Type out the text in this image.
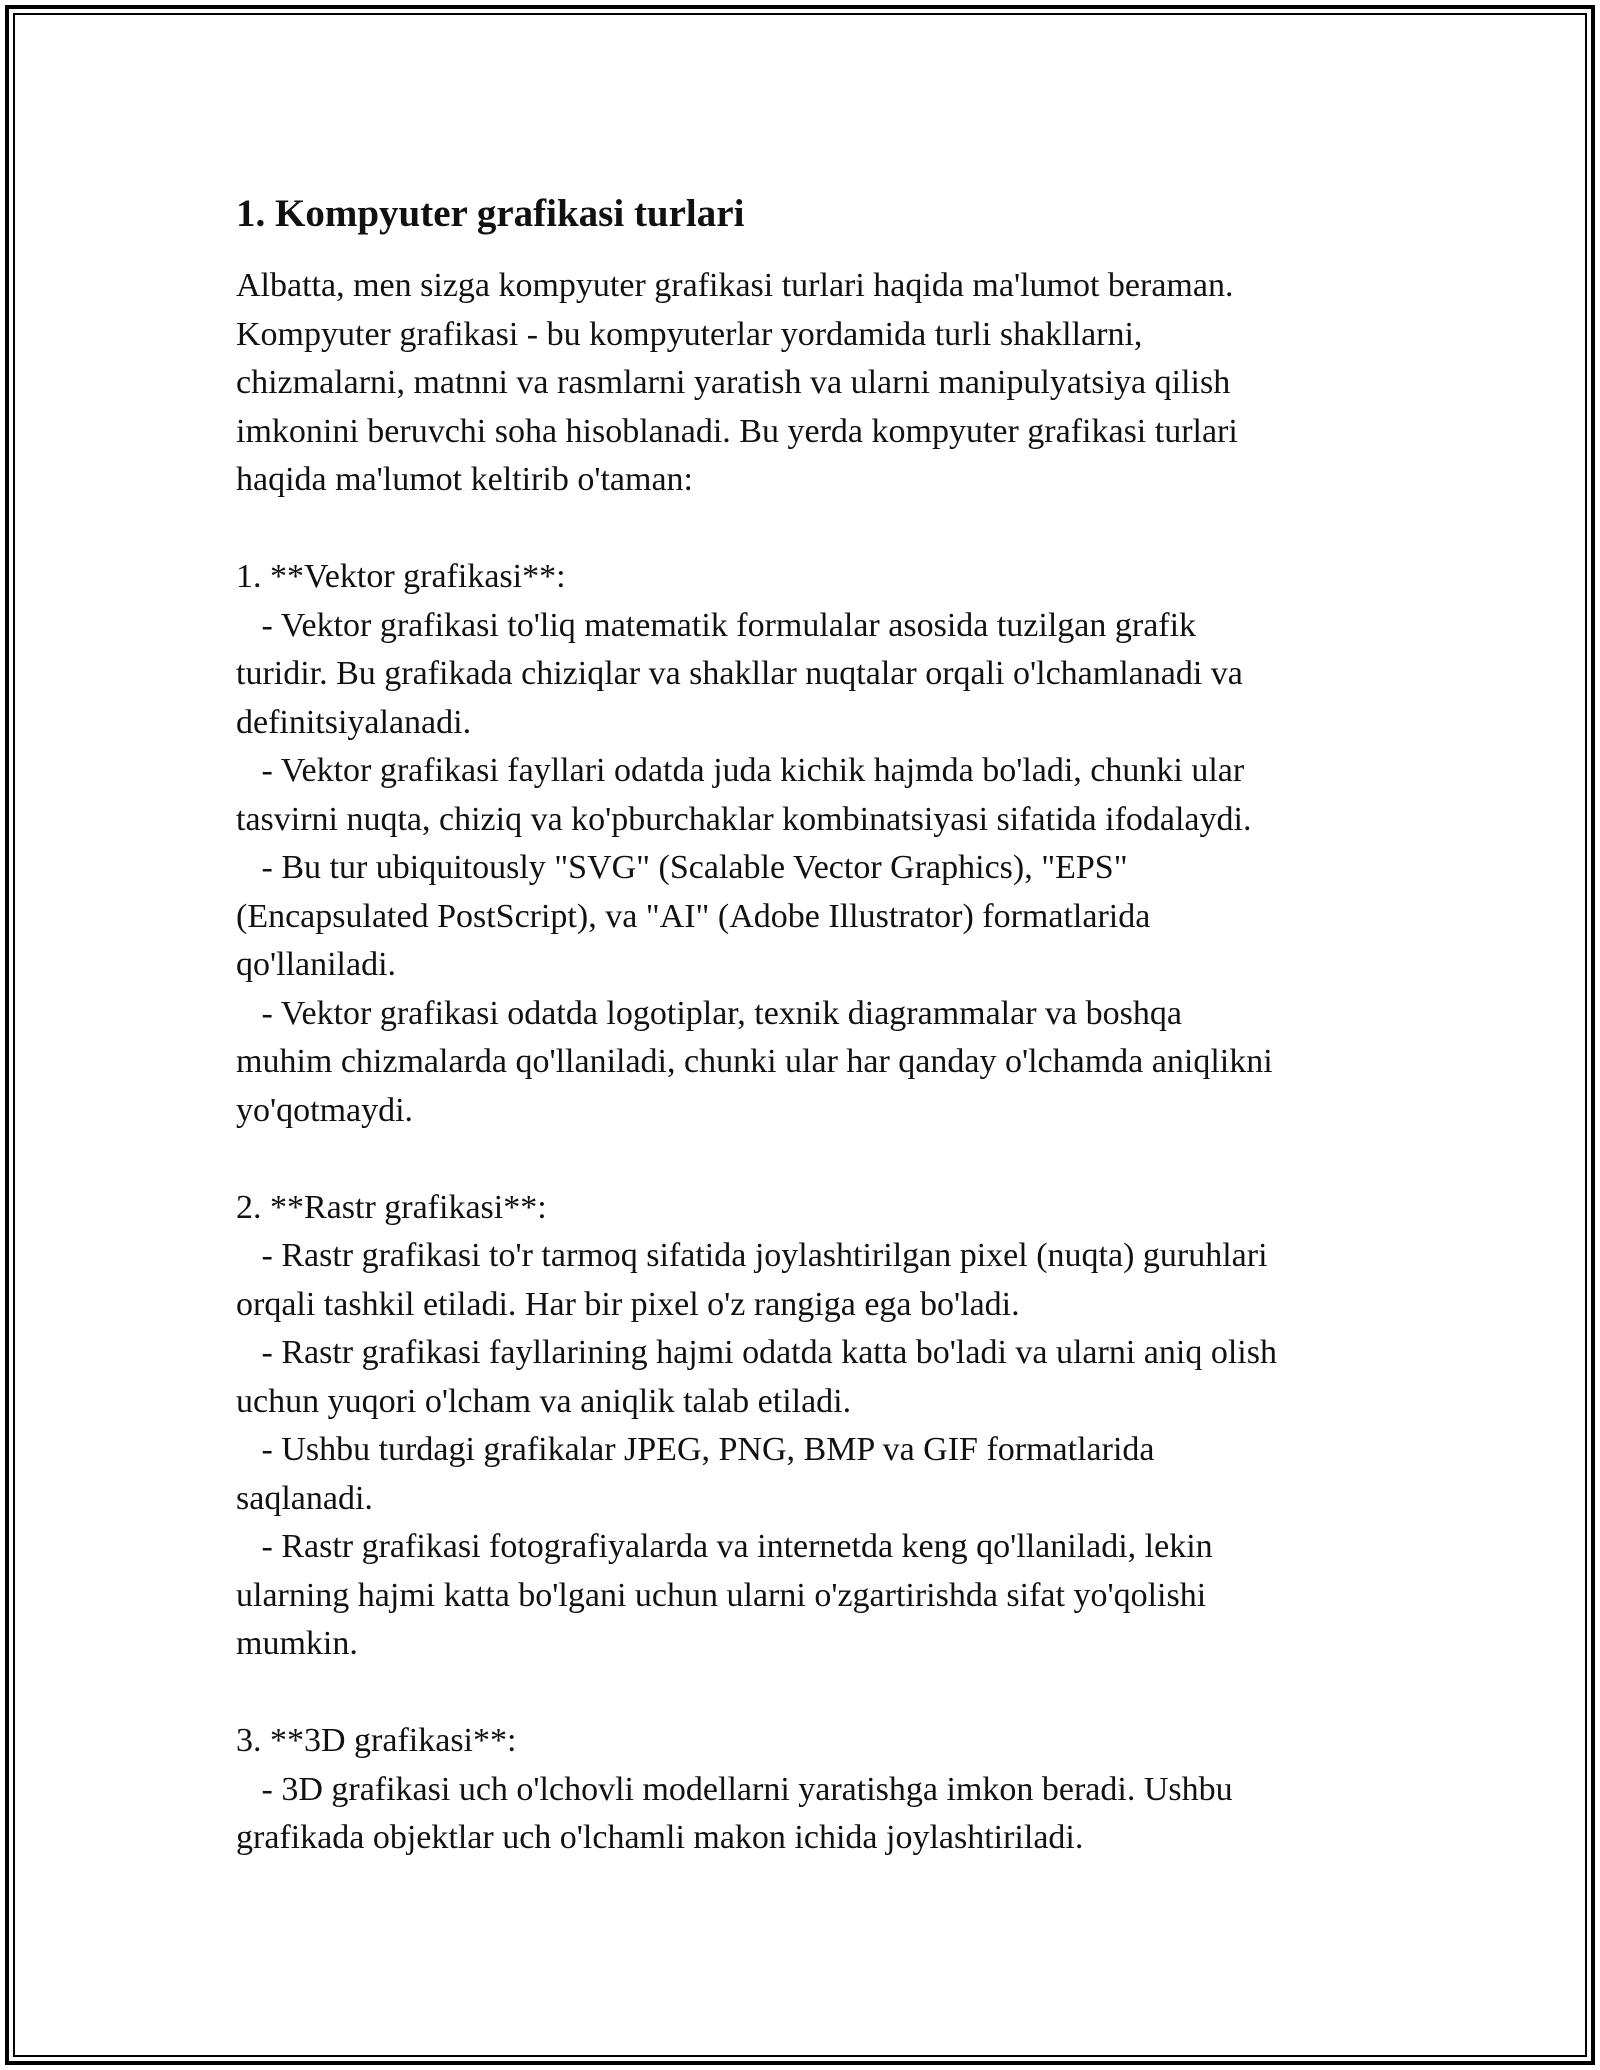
1. Kompyuter grafikasi turlari

Albatta, men sizga kompyuter grafikasi turlari haqida ma'lumot beraman.
Kompyuter grafikasi - bu kompyuterlar yordamida turli shakllarni,
chizmalarni, matnni va rasmlarni yaratish va ularni manipulyatsiya qilish
imkonini beruvchi soha hisoblanadi. Bu yerda kompyuter grafikasi turlari
haqida ma'lumot keltirib o'taman:

1. **Vektor grafikasi**:
- Vektor grafikasi to'liq matematik formulalar asosida tuzilgan grafik
turidir. Bu grafikada chiziqlar va shakllar nuqtalar orqali o'lchamlanadi va
definitsiyalanadi.
- Vektor grafikasi fayllari odatda juda kichik hajmda bo'ladi, chunki ular
tasvirni nuqta, chiziq va ko'pburchaklar kombinatsiyasi sifatida ifodalaydi.
- Bu tur ubiquitously "SVG" (Scalable Vector Graphics), "EPS"
(Encapsulated PostScript), va "AI" (Adobe Illustrator) formatlarida
qo'llaniladi.
- Vektor grafikasi odatda logotiplar, texnik diagrammalar va boshqa
muhim chizmalarda qo'llaniladi, chunki ular har qanday o'lchamda aniqlikni
yo'qotmaydi.

2. **Rastr grafikasi**:
- Rastr grafikasi to'r tarmoq sifatida joylashtirilgan pixel (nuqta) guruhlari
orqali tashkil etiladi. Har bir pixel o'z rangiga ega bo'ladi.
- Rastr grafikasi fayllarining hajmi odatda katta bo'ladi va ularni aniq olish
uchun yuqori o'lcham va aniqlik talab etiladi.
- Ushbu turdagi grafikalar JPEG, PNG, BMP va GIF formatlarida
saqlanadi.
- Rastr grafikasi fotografiyalarda va internetda keng qo'llaniladi, lekin
ularning hajmi katta bo'lgani uchun ularni o'zgartirishda sifat yo'qolishi
mumkin.

3. **3D grafikasi**:
- 3D grafikasi uch o'lchovli modellarni yaratishga imkon beradi. Ushbu
grafikada objektlar uch o'lchamli makon ichida joylashtiriladi.
